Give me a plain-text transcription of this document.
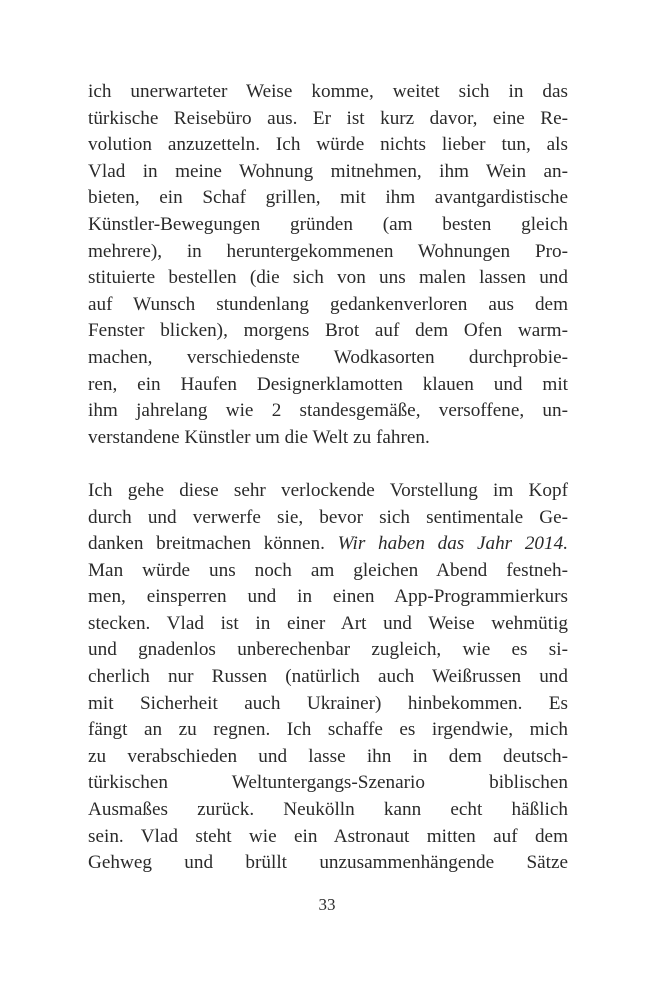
ich unerwarteter Weise komme, weitet sich in das
türkische Reisebüro aus. Er ist kurz davor, eine Re-
volution anzuzetteln. Ich würde nichts lieber tun, als
Vlad in meine Wohnung mitnehmen, ihm Wein an-
bieten, ein Schaf grillen, mit ihm avantgardistische
Künstler-Bewegungen gründen (am besten gleich
mehrere), in heruntergekommenen Wohnungen Pro-
stituierte bestellen (die sich von uns malen lassen und
auf Wunsch stundenlang gedankenverloren aus dem
Fenster blicken), morgens Brot auf dem Ofen warm-
machen, verschiedenste Wodkasorten durchprobie-
ren, ein Haufen Designerklamotten klauen und mit
ihm jahrelang wie 2 standesgemäße, versoffene, un-
verstandene Künstler um die Welt zu fahren.
Ich gehe diese sehr verlockende Vorstellung im Kopf
durch und verwerfe sie, bevor sich sentimentale Ge-
danken breitmachen können. Wir haben das Jahr 2014.
Man würde uns noch am gleichen Abend festneh-
men, einsperren und in einen App-Programmierkurs
stecken. Vlad ist in einer Art und Weise wehmütig
und gnadenlos unberechenbar zugleich, wie es si-
cherlich nur Russen (natürlich auch Weißrussen und
mit Sicherheit auch Ukrainer) hinbekommen. Es
fängt an zu regnen. Ich schaffe es irgendwie, mich
zu verabschieden und lasse ihn in dem deutsch-
türkischen Weltuntergangs-Szenario biblischen
Ausmaßes zurück. Neukölln kann echt häßlich
sein. Vlad steht wie ein Astronaut mitten auf dem
Gehweg und brüllt unzusammenhängende Sätze
33
